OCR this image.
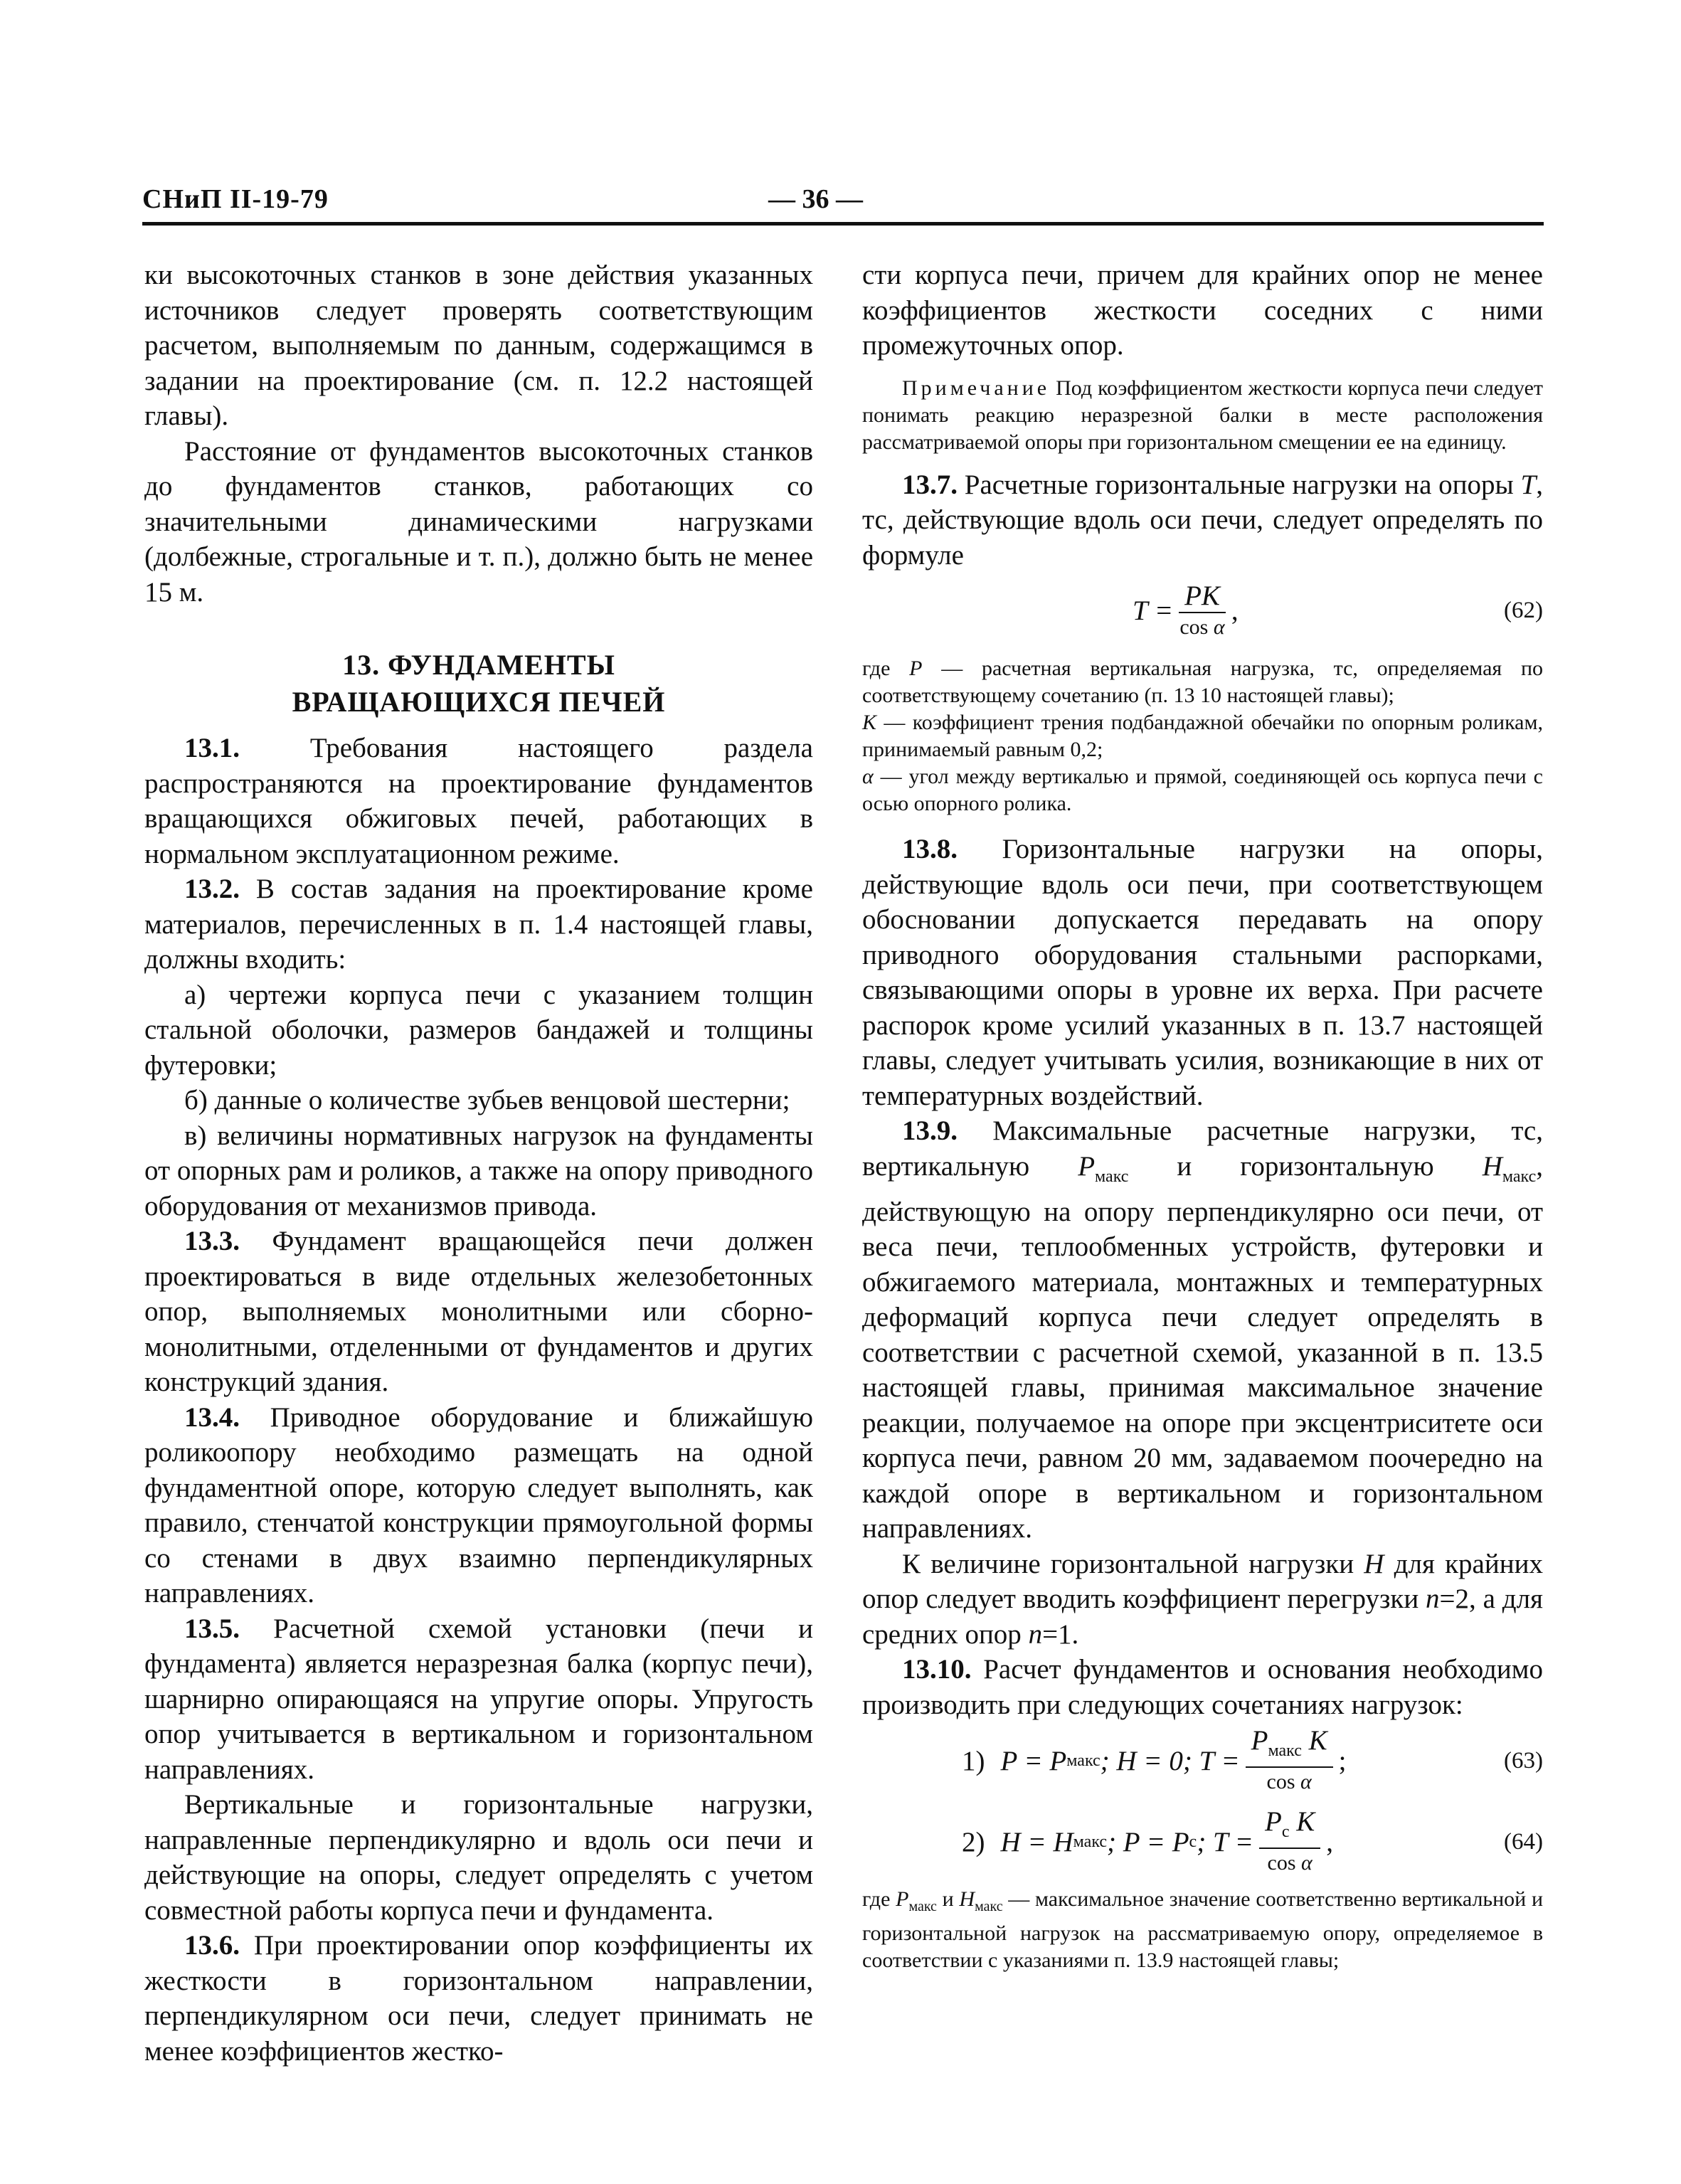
СНиП II-19-79	— 36 —

ки высокоточных станков в зоне действия указанных источников следует проверять соответствующим расчетом, выполняемым по данным, содержащимся в задании на проектирование (см. п. 12.2 настоящей главы).

Расстояние от фундаментов высокоточных станков до фундаментов станков, работающих со значительными динамическими нагрузками (долбежные, строгальные и т. п.), должно быть не менее 15 м.

13. ФУНДАМЕНТЫ
ВРАЩАЮЩИХСЯ ПЕЧЕЙ

13.1. Требования настоящего раздела распространяются на проектирование фундаментов вращающихся обжиговых печей, работающих в нормальном эксплуатационном режиме.

13.2. В состав задания на проектирование кроме материалов, перечисленных в п. 1.4 настоящей главы, должны входить:

а) чертежи корпуса печи с указанием толщин стальной оболочки, размеров бандажей и толщины футеровки;

б) данные о количестве зубьев венцовой шестерни;

в) величины нормативных нагрузок на фундаменты от опорных рам и роликов, а также на опору приводного оборудования от механизмов привода.

13.3. Фундамент вращающейся печи должен проектироваться в виде отдельных железобетонных опор, выполняемых монолитными или сборно-монолитными, отделенными от фундаментов и других конструкций здания.

13.4. Приводное оборудование и ближайшую роликоопору необходимо размещать на одной фундаментной опоре, которую следует выполнять, как правило, стенчатой конструкции прямоугольной формы со стенами в двух взаимно перпендикулярных направлениях.

13.5. Расчетной схемой установки (печи и фундамента) является неразрезная балка (корпус печи), шарнирно опирающаяся на упругие опоры. Упругость опор учитывается в вертикальном и горизонтальном направлениях.

Вертикальные и горизонтальные нагрузки, направленные перпендикулярно и вдоль оси печи и действующие на опоры, следует определять с учетом совместной работы корпуса печи и фундамента.

13.6. При проектировании опор коэффициенты их жесткости в горизонтальном направлении, перпендикулярном оси печи, следует принимать не менее коэффициентов жестко-

сти корпуса печи, причем для крайних опор не менее коэффициентов жесткости соседних с ними промежуточных опор.

Примечание Под коэффициентом жесткости корпуса печи следует понимать реакцию неразрезной балки в месте расположения рассматриваемой опоры при горизонтальном смещении ее на единицу.

13.7. Расчетные горизонтальные нагрузки на опоры T, тс, действующие вдоль оси печи, следует определять по формуле

$T = \frac{PK}{\text{cos α}}$ ,	(62)

где P — расчетная вертикальная нагрузка, тс, определяемая по соответствующему сочетанию (п. 13 10 настоящей главы);

K — коэффициент трения подбандажной обечайки по опорным роликам, принимаемый равным 0,2;

α — угол между вертикалью и прямой, соединяющей ось корпуса печи с осью опорного ролика.

13.8. Горизонтальные нагрузки на опоры, действующие вдоль оси печи, при соответствующем обосновании допускается передавать на опору приводного оборудования стальными распорками, связывающими опоры в уровне их верха. При расчете распорок кроме усилий указанных в п. 13.7 настоящей главы, следует учитывать усилия, возникающие в них от температурных воздействий.

13.9. Максимальные расчетные нагрузки, тс, вертикальную $P_{макс}$ и горизонтальную $H_{макс}$, действующую на опору перпендикулярно оси печи, от веса печи, теплообменных устройств, футеровки и обжигаемого материала, монтажных и температурных деформаций корпуса печи следует определять в соответствии с расчетной схемой, указанной в п. 13.5 настоящей главы, принимая максимальное значение реакции, получаемое на опоре при эксцентриситете оси корпуса печи, равном 20 мм, задаваемом поочередно на каждой опоре в вертикальном и горизонтальном направлениях.

К величине горизонтальной нагрузки H для крайних опор следует вводить коэффициент перегрузки n=2, а для средних опор n=1.

13.10. Расчет фундаментов и основания необходимо производить при следующих сочетаниях нагрузок:

1) P = P макс ; H = 0; $T = \frac{P_{макс} K}{\text{cos α}}$ ;	(63)
2) H = H макс ; P = P c ; $T = \frac{P_c K}{\text{cos α}}$ ,	(64)

где $P_{макс}$ и $H_{макс}$ — максимальное значение соответственно вертикальной и горизонтальной нагрузок на рассматриваемую опору, определяемое в соответствии с указаниями п. 13.9 настоящей главы;
